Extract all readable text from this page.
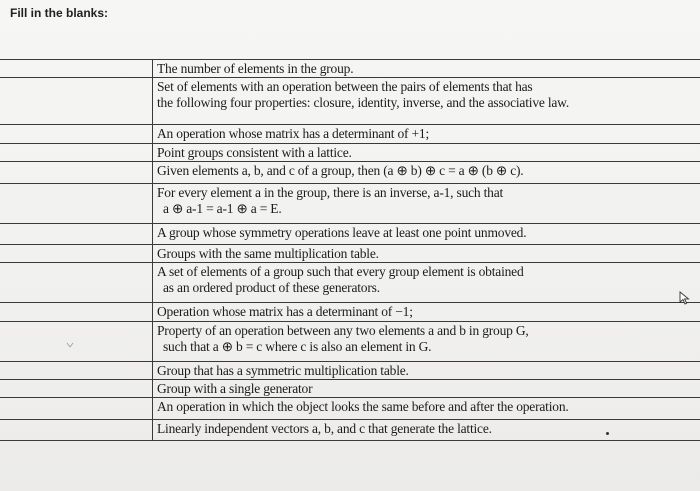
Fill in the blanks:
The number of elements in the group.
Set of elements with an operation between the pairs of elements that has
the following four properties: closure, identity, inverse, and the associative law.
An operation whose matrix has a determinant of +1;
Point groups consistent with a lattice.
Given elements a, b, and c of a group, then (a ⊕ b) ⊕ c = a ⊕ (b ⊕ c).
For every element a in the group, there is an inverse, a-1, such that
a ⊕ a-1 = a-1 ⊕ a = E.
A group whose symmetry operations leave at least one point unmoved.
Groups with the same multiplication table.
A set of elements of a group such that every group element is obtained
as an ordered product of these generators.
Operation whose matrix has a determinant of −1;
Property of an operation between any two elements a and b in group G,
such that a ⊕ b = c where c is also an element in G.
Group that has a symmetric multiplication table.
Group with a single generator
An operation in which the object looks the same before and after the operation.
Linearly independent vectors a, b, and c that generate the lattice.
